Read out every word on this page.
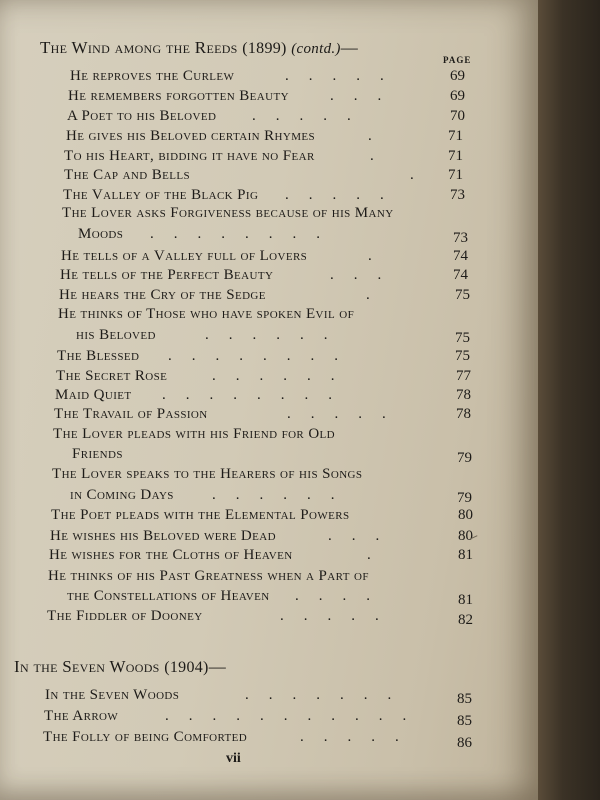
The Wind among the Reeds (1899) (contd.)—
PAGE
He reproves the Curlew	.....	69
He remembers forgotten Beauty	...	69
A Poet to his Beloved .....	70
He gives his Beloved certain Rhymes	.	71
To his Heart, bidding it have no Fear	.	71
The Cap and Bells	. 71
The Valley of the Black Pig .....	73
The Lover asks Forgiveness because of his Many
Moods ........	73
He tells of a Valley full of Lovers	.	74
He tells of the Perfect Beauty	...	74
He hears the Cry of the Sedge	.	75
He thinks of Those who have spoken Evil of
his Beloved	......	75
The Blessed ........	75
The Secret Rose	......	77
Maid Quiet ........	78
The Travail of Passion	.....	78
The Lover pleads with his Friend for Old
Friends	79
The Lover speaks to the Hearers of his Songs
in Coming Days	......	79
The Poet pleads with the Elemental Powers	80
He wishes his Beloved were Dead	...	80
He wishes for the Cloths of Heaven	.	81
He thinks of his Past Greatness when a Part of
the Constellations of Heaven ....	81
The Fiddler of Dooney	.....	82
In the Seven Woods (1904)—
In the Seven Woods	.......	85
The Arrow	...........	85
The Folly of being Comforted	.....	86
vii
